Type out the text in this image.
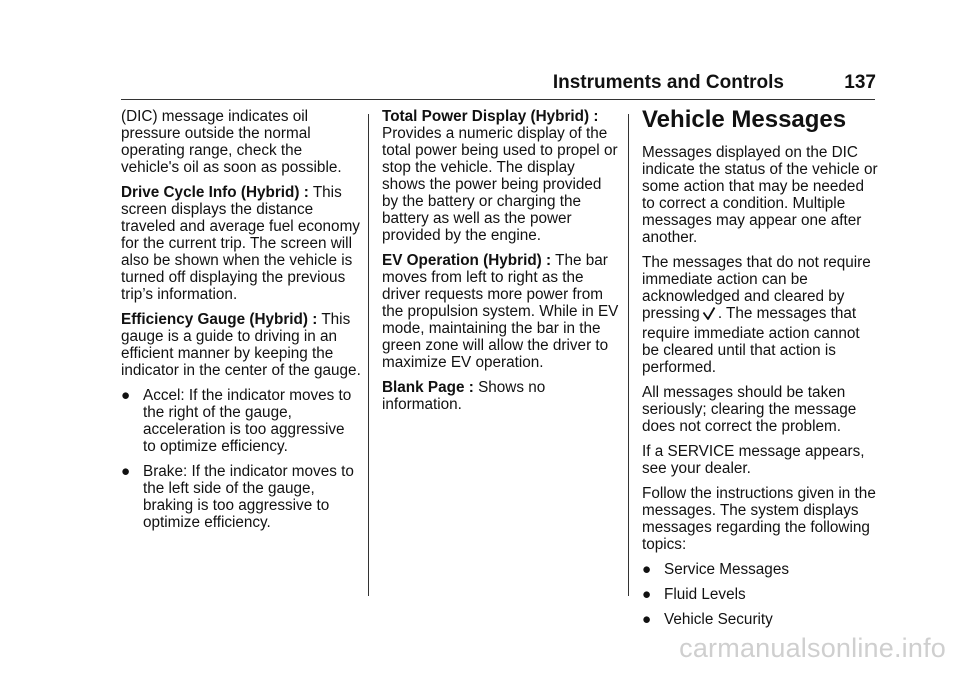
Instruments and Controls	137

(DIC) message indicates oil pressure outside the normal operating range, check the vehicle's oil as soon as possible.

Drive Cycle Info (Hybrid) : This screen displays the distance traveled and average fuel economy for the current trip. The screen will also be shown when the vehicle is turned off displaying the previous trip’s information.

Efficiency Gauge (Hybrid) : This gauge is a guide to driving in an efficient manner by keeping the indicator in the center of the gauge.

● Accel: If the indicator moves to the right of the gauge, acceleration is too aggressive to optimize efficiency.
● Brake: If the indicator moves to the left side of the gauge, braking is too aggressive to optimize efficiency.

Total Power Display (Hybrid) : Provides a numeric display of the total power being used to propel or stop the vehicle. The display shows the power being provided by the battery or charging the battery as well as the power provided by the engine.

EV Operation (Hybrid) : The bar moves from left to right as the driver requests more power from the propulsion system. While in EV mode, maintaining the bar in the green zone will allow the driver to maximize EV operation.

Blank Page : Shows no information.

Vehicle Messages

Messages displayed on the DIC indicate the status of the vehicle or some action that may be needed to correct a condition. Multiple messages may appear one after another.

The messages that do not require immediate action can be acknowledged and cleared by pressing . The messages that require immediate action cannot be cleared until that action is performed.

All messages should be taken seriously; clearing the message does not correct the problem.

If a SERVICE message appears, see your dealer.

Follow the instructions given in the messages. The system displays messages regarding the following topics:

● Service Messages
● Fluid Levels
● Vehicle Security
carmanualsonline.info
